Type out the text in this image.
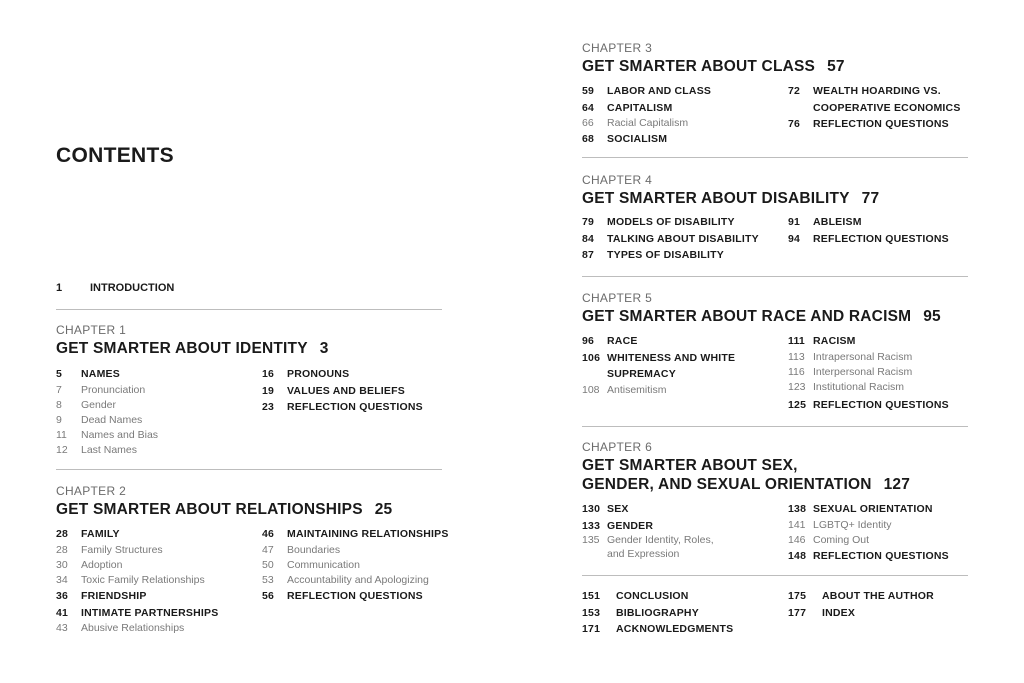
CONTENTS
1	INTRODUCTION
CHAPTER 1
GET SMARTER ABOUT IDENTITY 3
5	NAMES
7	Pronunciation
8	Gender
9	Dead Names
11	Names and Bias
12	Last Names
16	PRONOUNS
19	VALUES AND BELIEFS
23	REFLECTION QUESTIONS
CHAPTER 2
GET SMARTER ABOUT RELATIONSHIPS 25
28	FAMILY
28	Family Structures
30	Adoption
34	Toxic Family Relationships
36	FRIENDSHIP
41	INTIMATE PARTNERSHIPS
43	Abusive Relationships
46	MAINTAINING RELATIONSHIPS
47	Boundaries
50	Communication
53	Accountability and Apologizing
56	REFLECTION QUESTIONS
CHAPTER 3
GET SMARTER ABOUT CLASS 57
59	LABOR AND CLASS
64	CAPITALISM
66	Racial Capitalism
68	SOCIALISM
72	WEALTH HOARDING VS.
COOPERATIVE ECONOMICS
76	REFLECTION QUESTIONS
CHAPTER 4
GET SMARTER ABOUT DISABILITY 77
79	MODELS OF DISABILITY
84	TALKING ABOUT DISABILITY
87	TYPES OF DISABILITY
91	ABLEISM
94	REFLECTION QUESTIONS
CHAPTER 5
GET SMARTER ABOUT RACE AND RACISM 95
96	RACE
106 WHITENESS AND WHITE
SUPREMACY
108 Antisemitism
111 RACISM
113 Intrapersonal Racism
116 Interpersonal Racism
123 Institutional Racism
125 REFLECTION QUESTIONS
CHAPTER 6
GET SMARTER ABOUT SEX,
GENDER, AND SEXUAL ORIENTATION 127
130 SEX
133 GENDER
135 Gender Identity, Roles,
and Expression
138 SEXUAL ORIENTATION
141 LGBTQ+ Identity
146 Coming Out
148 REFLECTION QUESTIONS
151	CONCLUSION
153	BIBLIOGRAPHY
171	ACKNOWLEDGMENTS
175	ABOUT THE AUTHOR
177	INDEX
